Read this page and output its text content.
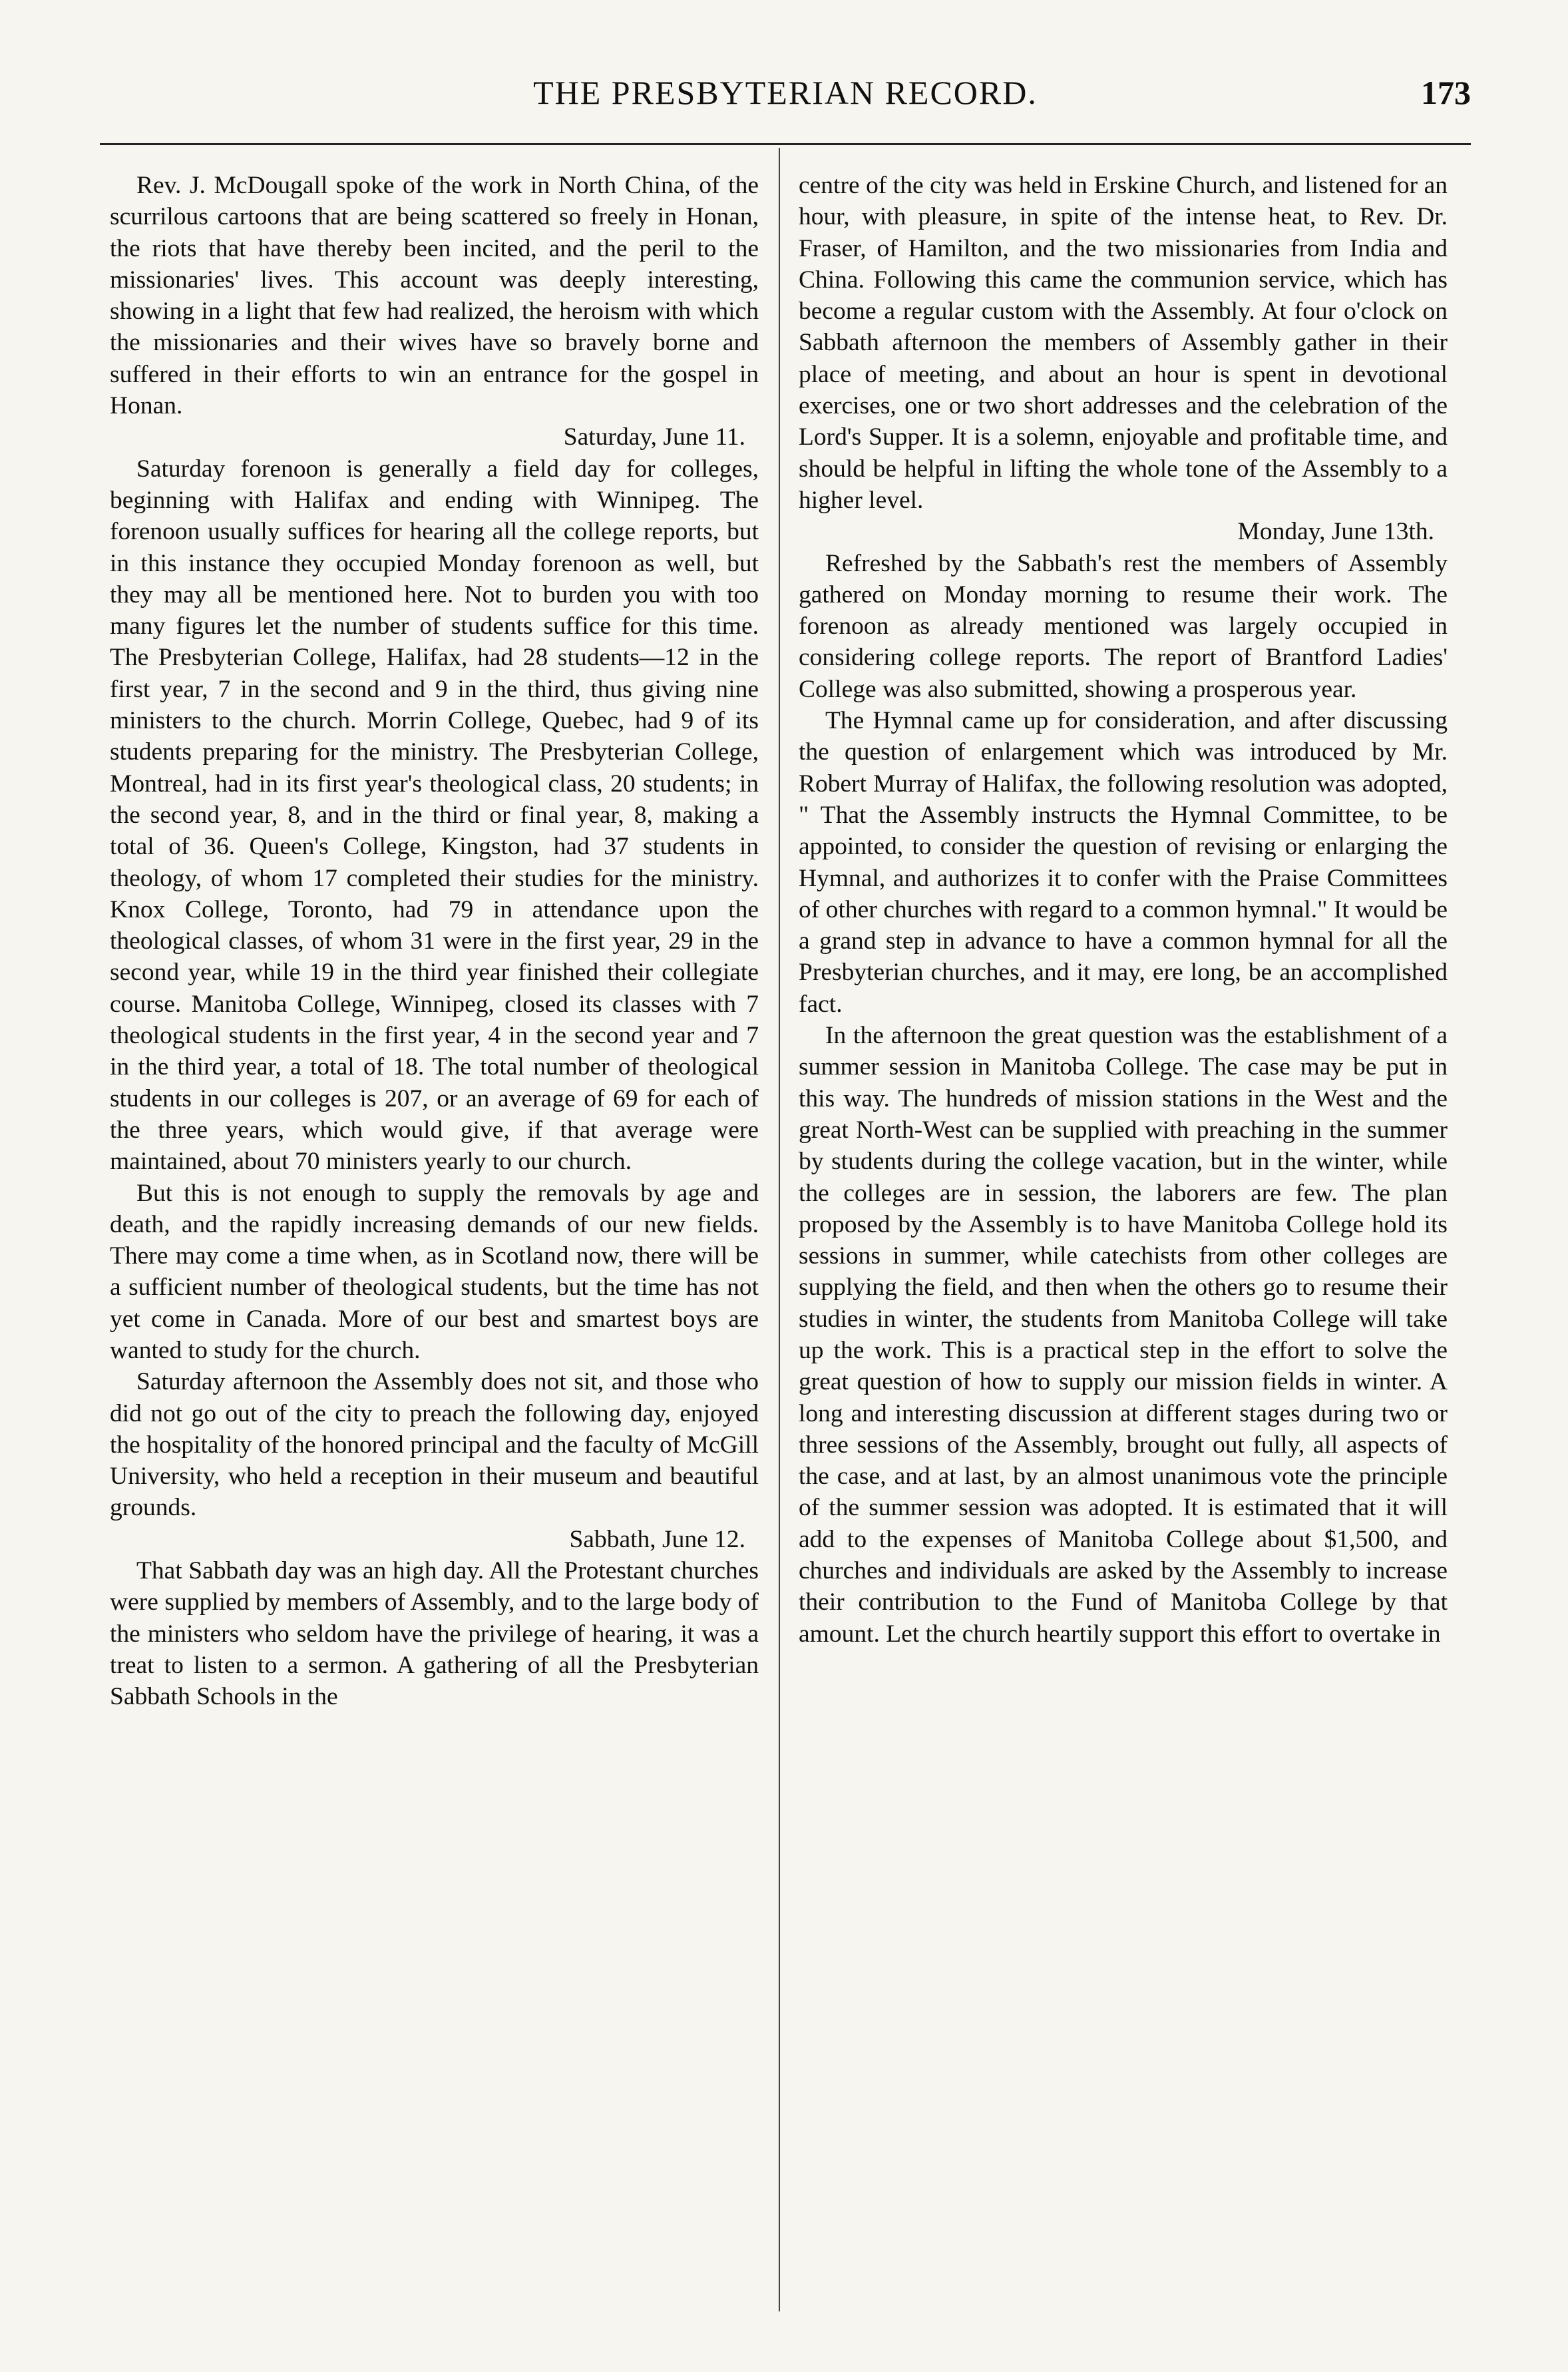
THE PRESBYTERIAN RECORD.	173

Rev. J. McDougall spoke of the work in North China, of the scurrilous cartoons that are being scattered so freely in Honan, the riots that have thereby been incited, and the peril to the missionaries' lives. This account was deeply interesting, showing in a light that few had realized, the heroism with which the missionaries and their wives have so bravely borne and suffered in their efforts to win an entrance for the gospel in Honan.

Saturday, June 11.

Saturday forenoon is generally a field day for colleges, beginning with Halifax and ending with Winnipeg. The forenoon usually suffices for hearing all the college reports, but in this instance they occupied Monday forenoon as well, but they may all be mentioned here. Not to burden you with too many figures let the number of students suffice for this time. The Presbyterian College, Halifax, had 28 students—12 in the first year, 7 in the second and 9 in the third, thus giving nine ministers to the church. Morrin College, Quebec, had 9 of its students preparing for the ministry. The Presbyterian College, Montreal, had in its first year's theological class, 20 students; in the second year, 8, and in the third or final year, 8, making a total of 36. Queen's College, Kingston, had 37 students in theology, of whom 17 completed their studies for the ministry. Knox College, Toronto, had 79 in attendance upon the theological classes, of whom 31 were in the first year, 29 in the second year, while 19 in the third year finished their collegiate course. Manitoba College, Winnipeg, closed its classes with 7 theological students in the first year, 4 in the second year and 7 in the third year, a total of 18. The total number of theological students in our colleges is 207, or an average of 69 for each of the three years, which would give, if that average were maintained, about 70 ministers yearly to our church.

But this is not enough to supply the removals by age and death, and the rapidly increasing demands of our new fields. There may come a time when, as in Scotland now, there will be a sufficient number of theological students, but the time has not yet come in Canada. More of our best and smartest boys are wanted to study for the church.

Saturday afternoon the Assembly does not sit, and those who did not go out of the city to preach the following day, enjoyed the hospitality of the honored principal and the faculty of McGill University, who held a reception in their museum and beautiful grounds.

Sabbath, June 12.

That Sabbath day was an high day. All the Protestant churches were supplied by members of Assembly, and to the large body of the ministers who seldom have the privilege of hearing, it was a treat to listen to a sermon. A gathering of all the Presbyterian Sabbath Schools in the

centre of the city was held in Erskine Church, and listened for an hour, with pleasure, in spite of the intense heat, to Rev. Dr. Fraser, of Hamilton, and the two missionaries from India and China. Following this came the communion service, which has become a regular custom with the Assembly. At four o'clock on Sabbath afternoon the members of Assembly gather in their place of meeting, and about an hour is spent in devotional exercises, one or two short addresses and the celebration of the Lord's Supper. It is a solemn, enjoyable and profitable time, and should be helpful in lifting the whole tone of the Assembly to a higher level.

Monday, June 13th.

Refreshed by the Sabbath's rest the members of Assembly gathered on Monday morning to resume their work. The forenoon as already mentioned was largely occupied in considering college reports. The report of Brantford Ladies' College was also submitted, showing a prosperous year.

The Hymnal came up for consideration, and after discussing the question of enlargement which was introduced by Mr. Robert Murray of Halifax, the following resolution was adopted, " That the Assembly instructs the Hymnal Committee, to be appointed, to consider the question of revising or enlarging the Hymnal, and authorizes it to confer with the Praise Committees of other churches with regard to a common hymnal." It would be a grand step in advance to have a common hymnal for all the Presbyterian churches, and it may, ere long, be an accomplished fact.

In the afternoon the great question was the establishment of a summer session in Manitoba College. The case may be put in this way. The hundreds of mission stations in the West and the great North-West can be supplied with preaching in the summer by students during the college vacation, but in the winter, while the colleges are in session, the laborers are few. The plan proposed by the Assembly is to have Manitoba College hold its sessions in summer, while catechists from other colleges are supplying the field, and then when the others go to resume their studies in winter, the students from Manitoba College will take up the work. This is a practical step in the effort to solve the great question of how to supply our mission fields in winter. A long and interesting discussion at different stages during two or three sessions of the Assembly, brought out fully, all aspects of the case, and at last, by an almost unanimous vote the principle of the summer session was adopted. It is estimated that it will add to the expenses of Manitoba College about $1,500, and churches and individuals are asked by the Assembly to increase their contribution to the Fund of Manitoba College by that amount. Let the church heartily support this effort to overtake in
